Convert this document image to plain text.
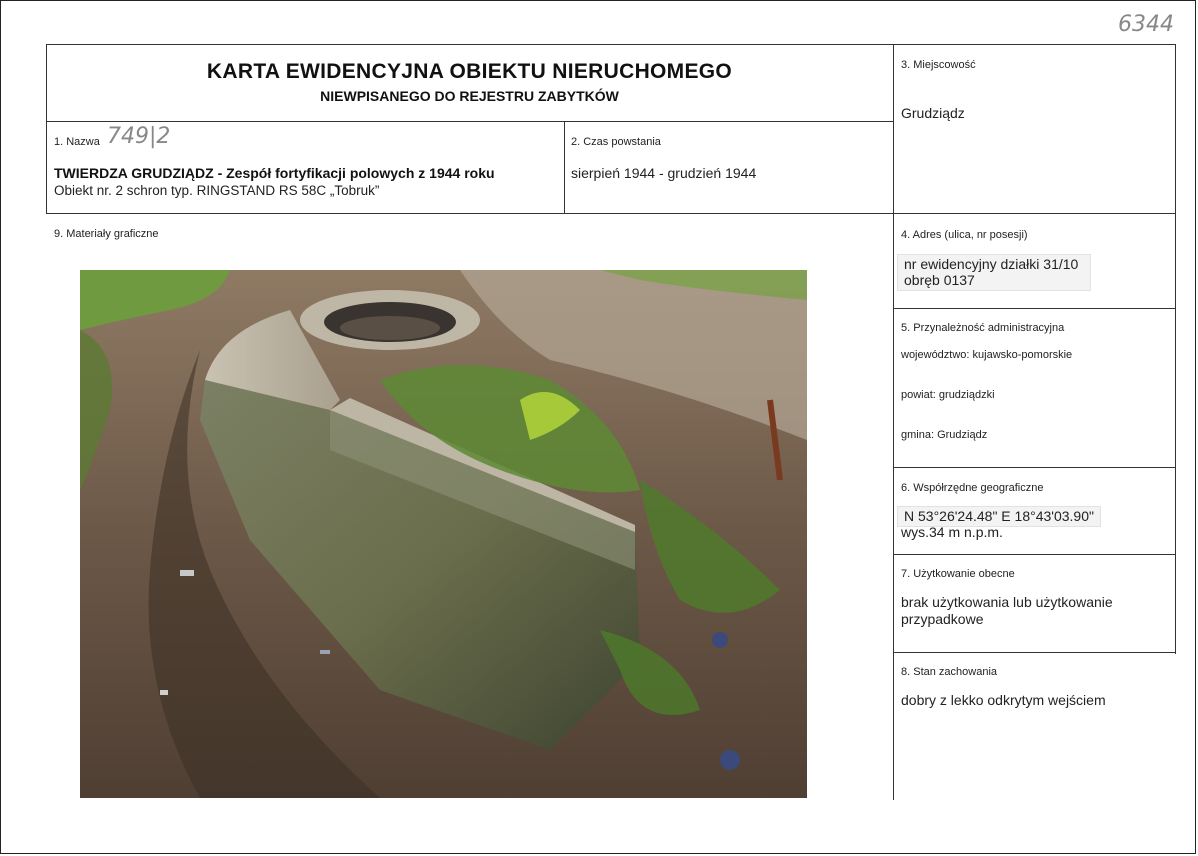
6344
KARTA EWIDENCYJNA OBIEKTU NIERUCHOMEGO
NIEWPISANEGO DO REJESTRU ZABYTKÓW
1. Nazwa 749|2
TWIERDZA GRUDZIĄDZ - Zespół fortyfikacji polowych z 1944 roku
Obiekt nr. 2 schron typ. RINGSTAND RS 58C „Tobruk”
2. Czas powstania
sierpień 1944 - grudzień 1944
3. Miejscowość
Grudziądz
4. Adres (ulica, nr posesji)
nr ewidencyjny działki 31/10
obręb 0137
5. Przynależność administracyjna
województwo: kujawsko-pomorskie
powiat: grudziądzki
gmina: Grudziądz
6. Współrzędne geograficzne
N 53°26'24.48" E 18°43'03.90"
wys.34 m n.p.m.
7. Użytkowanie obecne
brak użytkowania lub użytkowanie przypadkowe
8. Stan zachowania
dobry z lekko odkrytym wejściem
9. Materiały graficzne
